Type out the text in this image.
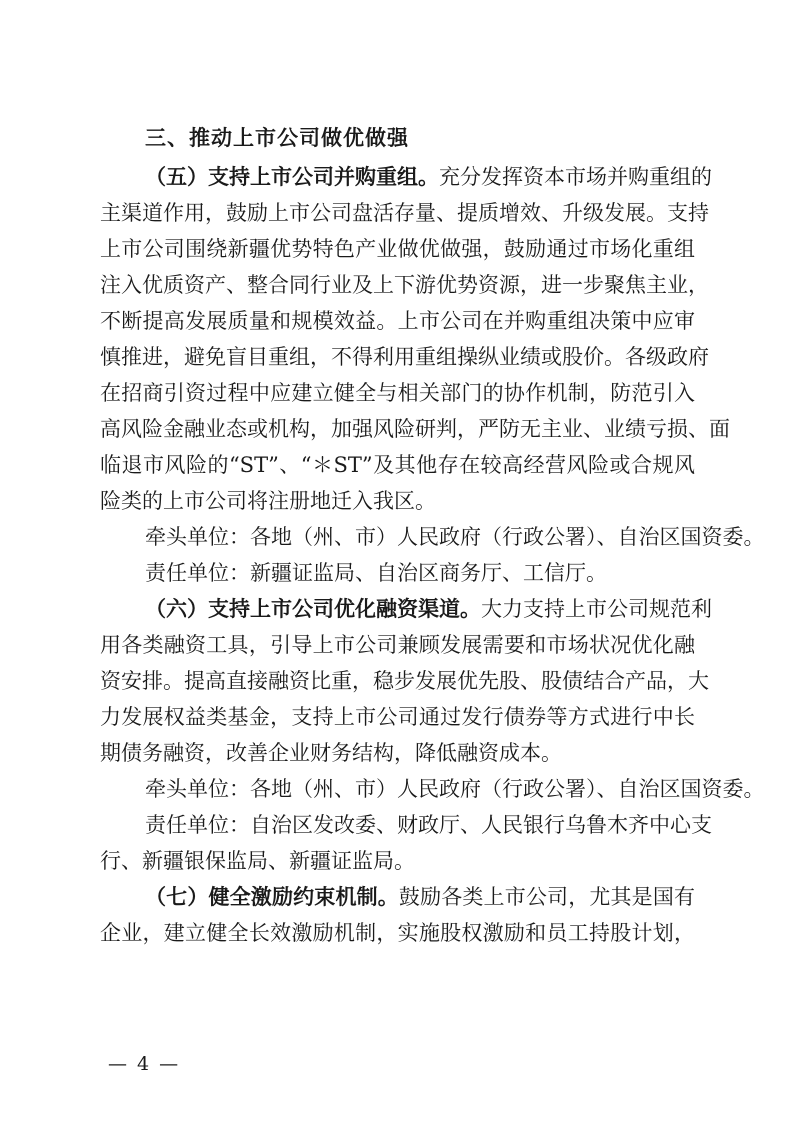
三、推动上市公司做优做强
（五）支持上市公司并购重组。充分发挥资本市场并购重组的
主渠道作用，鼓励上市公司盘活存量、提质增效、升级发展。支持
上市公司围绕新疆优势特色产业做优做强，鼓励通过市场化重组
注入优质资产、整合同行业及上下游优势资源，进一步聚焦主业，
不断提高发展质量和规模效益。上市公司在并购重组决策中应审
慎推进，避免盲目重组，不得利用重组操纵业绩或股价。各级政府
在招商引资过程中应建立健全与相关部门的协作机制，防范引入
高风险金融业态或机构，加强风险研判，严防无主业、业绩亏损、面
临退市风险的“ST”、“＊ST”及其他存在较高经营风险或合规风
险类的上市公司将注册地迁入我区。
牵头单位：各地（州、市）人民政府（行政公署）、自治区国资委。
责任单位：新疆证监局、自治区商务厅、工信厅。
（六）支持上市公司优化融资渠道。大力支持上市公司规范利
用各类融资工具，引导上市公司兼顾发展需要和市场状况优化融
资安排。提高直接融资比重，稳步发展优先股、股债结合产品，大
力发展权益类基金，支持上市公司通过发行债券等方式进行中长
期债务融资，改善企业财务结构，降低融资成本。
牵头单位：各地（州、市）人民政府（行政公署）、自治区国资委。
责任单位：自治区发改委、财政厅、人民银行乌鲁木齐中心支
行、新疆银保监局、新疆证监局。
（七）健全激励约束机制。鼓励各类上市公司，尤其是国有
企业，建立健全长效激励机制，实施股权激励和员工持股计划，
— 4 —
